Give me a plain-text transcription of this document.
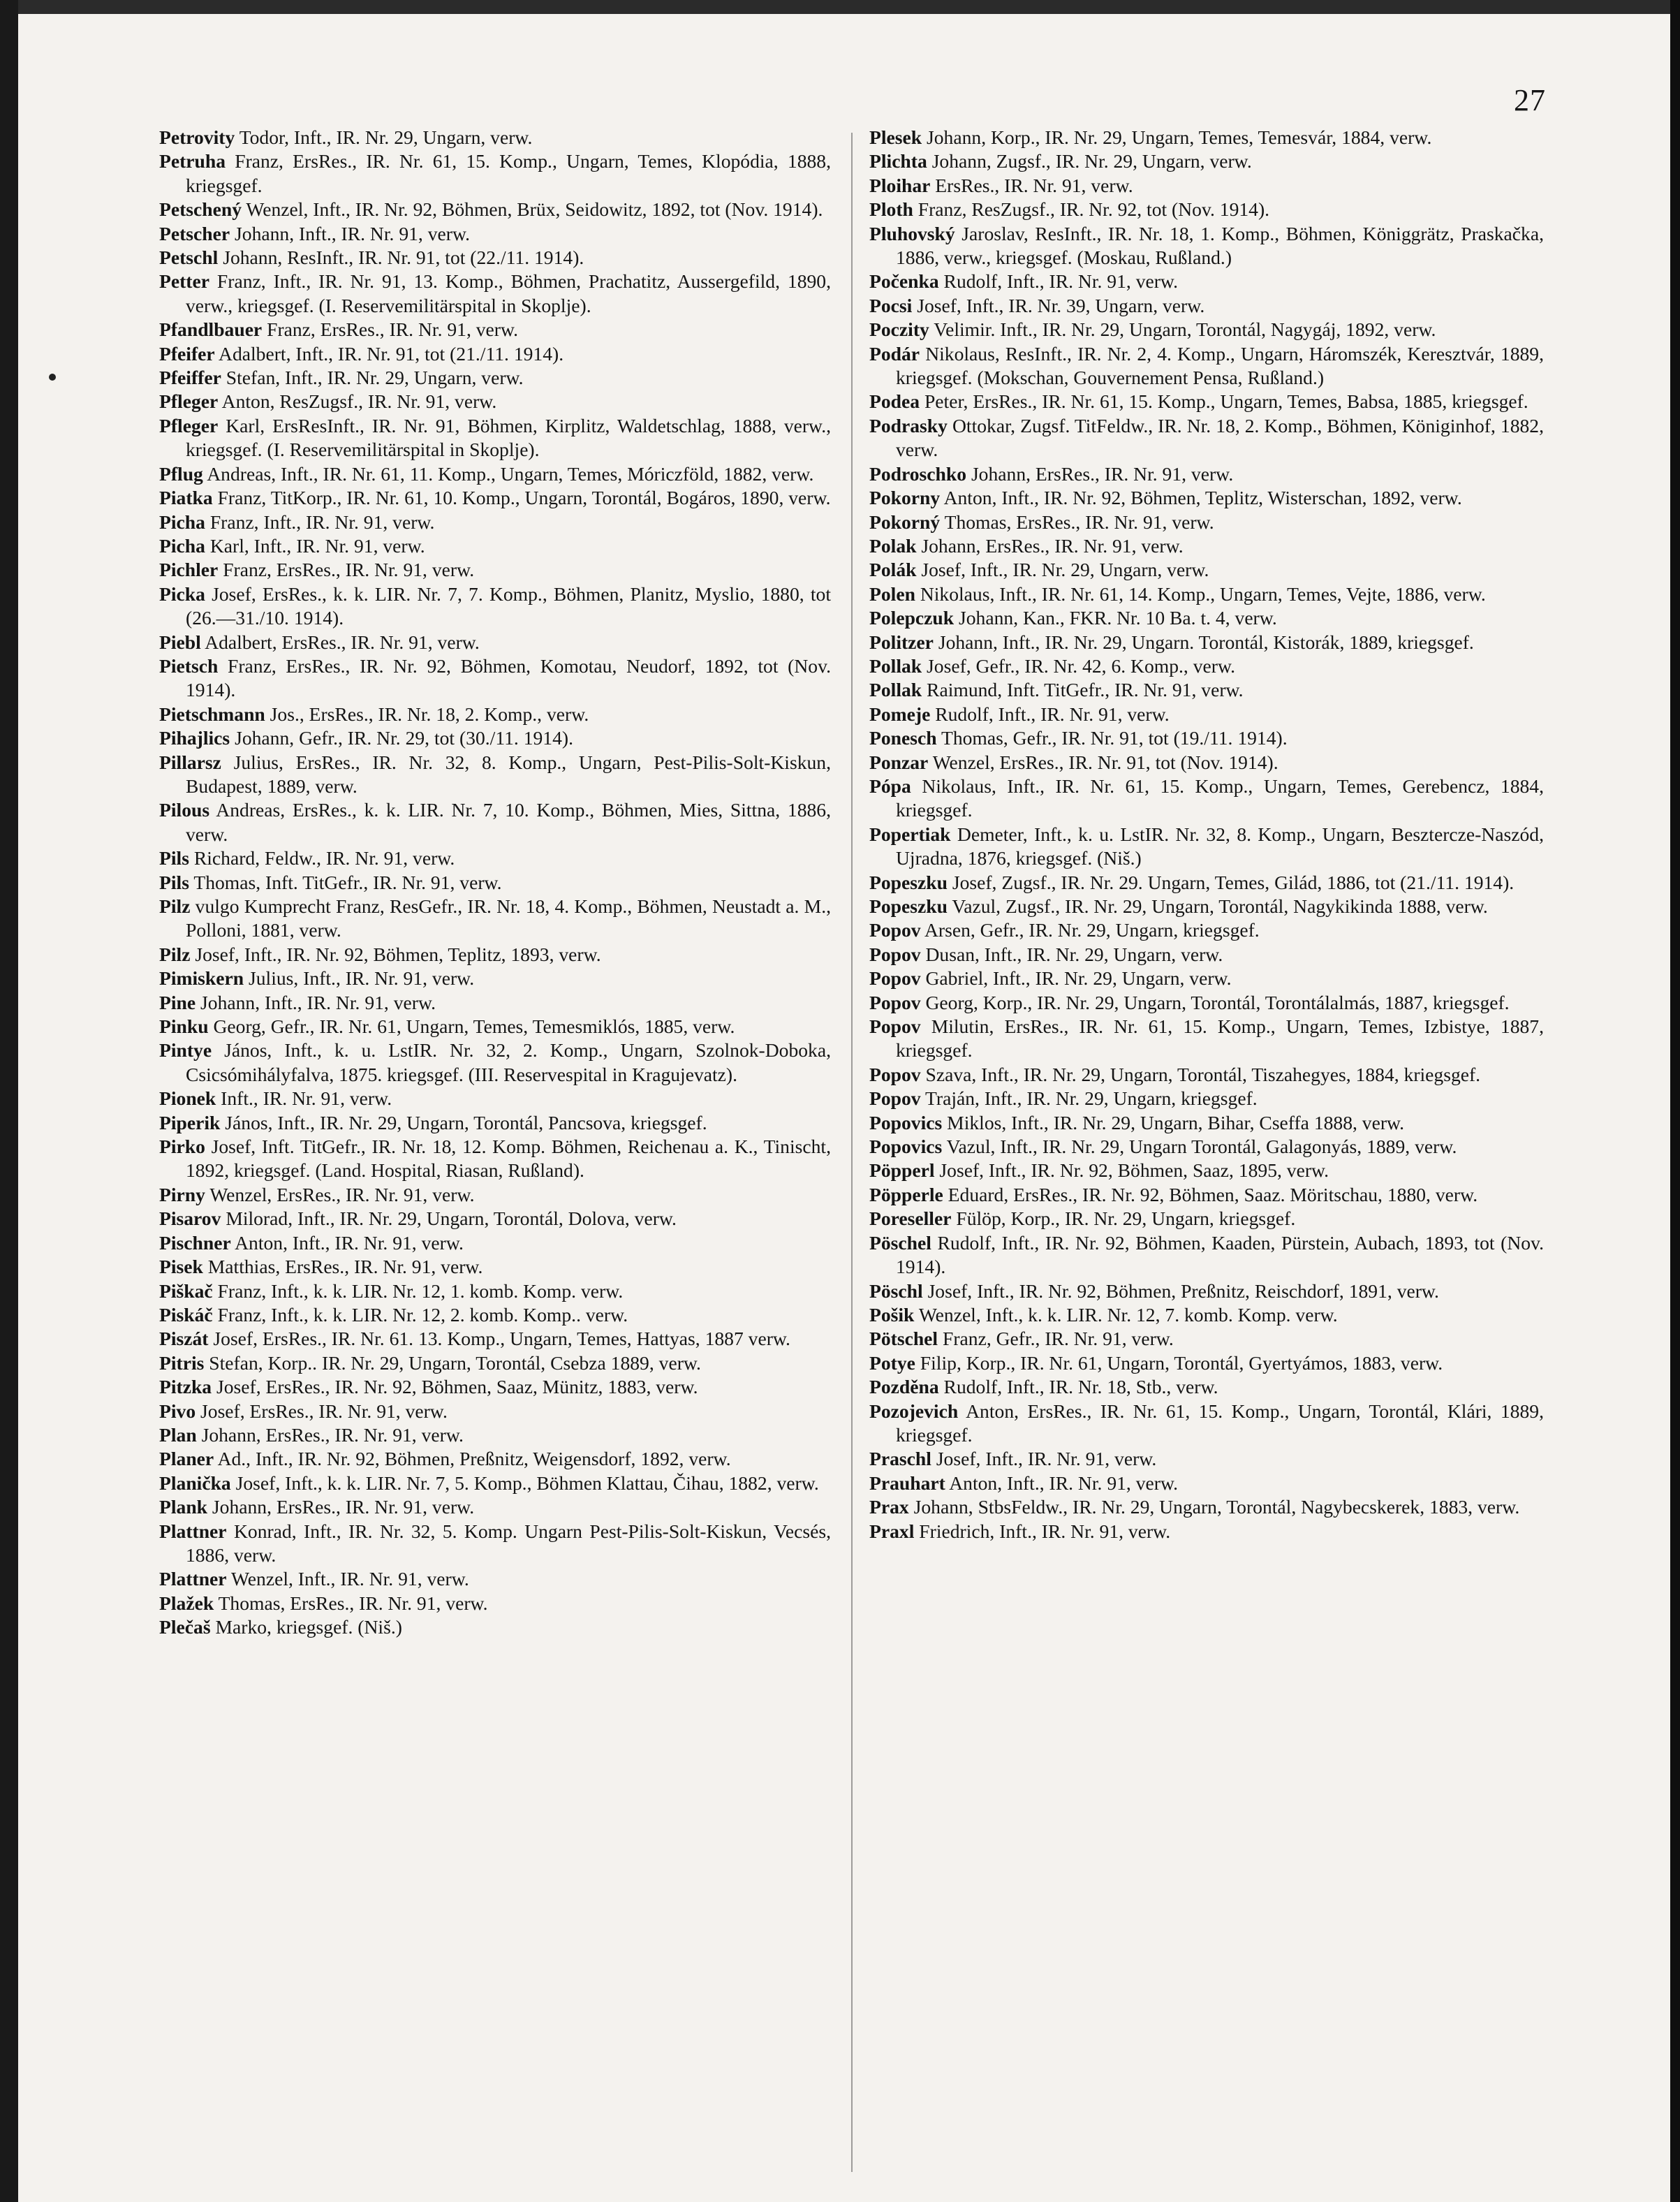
27

Petrovity Todor, Inft., IR. Nr. 29, Ungarn, verw.

Petruha Franz, ErsRes., IR. Nr. 61, 15. Komp., Ungarn, Temes, Klopódia, 1888, kriegsgef.

Petschený Wenzel, Inft., IR. Nr. 92, Böhmen, Brüx, Seidowitz, 1892, tot (Nov. 1914).

Petscher Johann, Inft., IR. Nr. 91, verw.

Petschl Johann, ResInft., IR. Nr. 91, tot (22./11. 1914).

Petter Franz, Inft., IR. Nr. 91, 13. Komp., Böhmen, Prachatitz, Aussergefild, 1890, verw., kriegsgef. (I. Reservemilitärspital in Skoplje).

Pfandlbauer Franz, ErsRes., IR. Nr. 91, verw.

Pfeifer Adalbert, Inft., IR. Nr. 91, tot (21./11. 1914).

Pfeiffer Stefan, Inft., IR. Nr. 29, Ungarn, verw.

Pfleger Anton, ResZugsf., IR. Nr. 91, verw.

Pfleger Karl, ErsResInft., IR. Nr. 91, Böhmen, Kirplitz, Waldetschlag, 1888, verw., kriegsgef. (I. Reservemilitärspital in Skoplje).

Pflug Andreas, Inft., IR. Nr. 61, 11. Komp., Ungarn, Temes, Móriczföld, 1882, verw.

Piatka Franz, TitKorp., IR. Nr. 61, 10. Komp., Ungarn, Torontál, Bogáros, 1890, verw.

Picha Franz, Inft., IR. Nr. 91, verw.

Picha Karl, Inft., IR. Nr. 91, verw.

Pichler Franz, ErsRes., IR. Nr. 91, verw.

Picka Josef, ErsRes., k. k. LIR. Nr. 7, 7. Komp., Böhmen, Planitz, Myslio, 1880, tot (26.—31./10. 1914).

Piebl Adalbert, ErsRes., IR. Nr. 91, verw.

Pietsch Franz, ErsRes., IR. Nr. 92, Böhmen, Komotau, Neudorf, 1892, tot (Nov. 1914).

Pietschmann Jos., ErsRes., IR. Nr. 18, 2. Komp., verw.

Pihajlics Johann, Gefr., IR. Nr. 29, tot (30./11. 1914).

Pillarsz Julius, ErsRes., IR. Nr. 32, 8. Komp., Ungarn, Pest-Pilis-Solt-Kiskun, Budapest, 1889, verw.

Pilous Andreas, ErsRes., k. k. LIR. Nr. 7, 10. Komp., Böhmen, Mies, Sittna, 1886, verw.

Pils Richard, Feldw., IR. Nr. 91, verw.

Pils Thomas, Inft. TitGefr., IR. Nr. 91, verw.

Pilz vulgo Kumprecht Franz, ResGefr., IR. Nr. 18, 4. Komp., Böhmen, Neustadt a. M., Polloni, 1881, verw.

Pilz Josef, Inft., IR. Nr. 92, Böhmen, Teplitz, 1893, verw.

Pimiskern Julius, Inft., IR. Nr. 91, verw.

Pine Johann, Inft., IR. Nr. 91, verw.

Pinku Georg, Gefr., IR. Nr. 61, Ungarn, Temes, Temesmiklós, 1885, verw.

Pintye János, Inft., k. u. LstIR. Nr. 32, 2. Komp., Ungarn, Szolnok-Doboka, Csicsómihályfalva, 1875. kriegsgef. (III. Reservespital in Kragujevatz).

Pionek Inft., IR. Nr. 91, verw.

Piperik János, Inft., IR. Nr. 29, Ungarn, Torontál, Pancsova, kriegsgef.

Pirko Josef, Inft. TitGefr., IR. Nr. 18, 12. Komp. Böhmen, Reichenau a. K., Tinischt, 1892, kriegsgef. (Land. Hospital, Riasan, Rußland).

Pirny Wenzel, ErsRes., IR. Nr. 91, verw.

Pisarov Milorad, Inft., IR. Nr. 29, Ungarn, Torontál, Dolova, verw.

Pischner Anton, Inft., IR. Nr. 91, verw.

Pisek Matthias, ErsRes., IR. Nr. 91, verw.

Piškač Franz, Inft., k. k. LIR. Nr. 12, 1. komb. Komp. verw.

Piskáč Franz, Inft., k. k. LIR. Nr. 12, 2. komb. Komp.. verw.

Piszát Josef, ErsRes., IR. Nr. 61. 13. Komp., Ungarn, Temes, Hattyas, 1887 verw.

Pitris Stefan, Korp.. IR. Nr. 29, Ungarn, Torontál, Csebza 1889, verw.

Pitzka Josef, ErsRes., IR. Nr. 92, Böhmen, Saaz, Münitz, 1883, verw.

Pivo Josef, ErsRes., IR. Nr. 91, verw.

Plan Johann, ErsRes., IR. Nr. 91, verw.

Planer Ad., Inft., IR. Nr. 92, Böhmen, Preßnitz, Weigensdorf, 1892, verw.

Planička Josef, Inft., k. k. LIR. Nr. 7, 5. Komp., Böhmen Klattau, Čihau, 1882, verw.

Plank Johann, ErsRes., IR. Nr. 91, verw.

Plattner Konrad, Inft., IR. Nr. 32, 5. Komp. Ungarn Pest-Pilis-Solt-Kiskun, Vecsés, 1886, verw.

Plattner Wenzel, Inft., IR. Nr. 91, verw.

Plažek Thomas, ErsRes., IR. Nr. 91, verw.

Plečaš Marko, kriegsgef. (Niš.)

Plesek Johann, Korp., IR. Nr. 29, Ungarn, Temes, Temesvár, 1884, verw.

Plichta Johann, Zugsf., IR. Nr. 29, Ungarn, verw.

Ploihar ErsRes., IR. Nr. 91, verw.

Ploth Franz, ResZugsf., IR. Nr. 92, tot (Nov. 1914).

Pluhovský Jaroslav, ResInft., IR. Nr. 18, 1. Komp., Böhmen, Königgrätz, Praskačka, 1886, verw., kriegsgef. (Moskau, Rußland.)

Počenka Rudolf, Inft., IR. Nr. 91, verw.

Pocsi Josef, Inft., IR. Nr. 39, Ungarn, verw.

Poczity Velimir. Inft., IR. Nr. 29, Ungarn, Torontál, Nagygáj, 1892, verw.

Podár Nikolaus, ResInft., IR. Nr. 2, 4. Komp., Ungarn, Háromszék, Keresztvár, 1889, kriegsgef. (Mokschan, Gouvernement Pensa, Rußland.)

Podea Peter, ErsRes., IR. Nr. 61, 15. Komp., Ungarn, Temes, Babsa, 1885, kriegsgef.

Podrasky Ottokar, Zugsf. TitFeldw., IR. Nr. 18, 2. Komp., Böhmen, Königinhof, 1882, verw.

Podroschko Johann, ErsRes., IR. Nr. 91, verw.

Pokorny Anton, Inft., IR. Nr. 92, Böhmen, Teplitz, Wisterschan, 1892, verw.

Pokorný Thomas, ErsRes., IR. Nr. 91, verw.

Polak Johann, ErsRes., IR. Nr. 91, verw.

Polák Josef, Inft., IR. Nr. 29, Ungarn, verw.

Polen Nikolaus, Inft., IR. Nr. 61, 14. Komp., Ungarn, Temes, Vejte, 1886, verw.

Polepczuk Johann, Kan., FKR. Nr. 10 Ba. t. 4, verw.

Politzer Johann, Inft., IR. Nr. 29, Ungarn. Torontál, Kistorák, 1889, kriegsgef.

Pollak Josef, Gefr., IR. Nr. 42, 6. Komp., verw.

Pollak Raimund, Inft. TitGefr., IR. Nr. 91, verw.

Pomeje Rudolf, Inft., IR. Nr. 91, verw.

Ponesch Thomas, Gefr., IR. Nr. 91, tot (19./11. 1914).

Ponzar Wenzel, ErsRes., IR. Nr. 91, tot (Nov. 1914).

Pópa Nikolaus, Inft., IR. Nr. 61, 15. Komp., Ungarn, Temes, Gerebencz, 1884, kriegsgef.

Popertiak Demeter, Inft., k. u. LstIR. Nr. 32, 8. Komp., Ungarn, Besztercze-Naszód, Ujradna, 1876, kriegsgef. (Niš.)

Popeszku Josef, Zugsf., IR. Nr. 29. Ungarn, Temes, Gilád, 1886, tot (21./11. 1914).

Popeszku Vazul, Zugsf., IR. Nr. 29, Ungarn, Torontál, Nagykikinda 1888, verw.

Popov Arsen, Gefr., IR. Nr. 29, Ungarn, kriegsgef.

Popov Dusan, Inft., IR. Nr. 29, Ungarn, verw.

Popov Gabriel, Inft., IR. Nr. 29, Ungarn, verw.

Popov Georg, Korp., IR. Nr. 29, Ungarn, Torontál, Torontálalmás, 1887, kriegsgef.

Popov Milutin, ErsRes., IR. Nr. 61, 15. Komp., Ungarn, Temes, Izbistye, 1887, kriegsgef.

Popov Szava, Inft., IR. Nr. 29, Ungarn, Torontál, Tiszahegyes, 1884, kriegsgef.

Popov Traján, Inft., IR. Nr. 29, Ungarn, kriegsgef.

Popovics Miklos, Inft., IR. Nr. 29, Ungarn, Bihar, Cseffa 1888, verw.

Popovics Vazul, Inft., IR. Nr. 29, Ungarn Torontál, Galagonyás, 1889, verw.

Pöpperl Josef, Inft., IR. Nr. 92, Böhmen, Saaz, 1895, verw.

Pöpperle Eduard, ErsRes., IR. Nr. 92, Böhmen, Saaz. Möritschau, 1880, verw.

Poreseller Fülöp, Korp., IR. Nr. 29, Ungarn, kriegsgef.

Pöschel Rudolf, Inft., IR. Nr. 92, Böhmen, Kaaden, Pürstein, Aubach, 1893, tot (Nov. 1914).

Pöschl Josef, Inft., IR. Nr. 92, Böhmen, Preßnitz, Reischdorf, 1891, verw.

Pošik Wenzel, Inft., k. k. LIR. Nr. 12, 7. komb. Komp. verw.

Pötschel Franz, Gefr., IR. Nr. 91, verw.

Potye Filip, Korp., IR. Nr. 61, Ungarn, Torontál, Gyertyámos, 1883, verw.

Pozděna Rudolf, Inft., IR. Nr. 18, Stb., verw.

Pozojevich Anton, ErsRes., IR. Nr. 61, 15. Komp., Ungarn, Torontál, Klári, 1889, kriegsgef.

Praschl Josef, Inft., IR. Nr. 91, verw.

Prauhart Anton, Inft., IR. Nr. 91, verw.

Prax Johann, StbsFeldw., IR. Nr. 29, Ungarn, Torontál, Nagybecskerek, 1883, verw.

Praxl Friedrich, Inft., IR. Nr. 91, verw.
